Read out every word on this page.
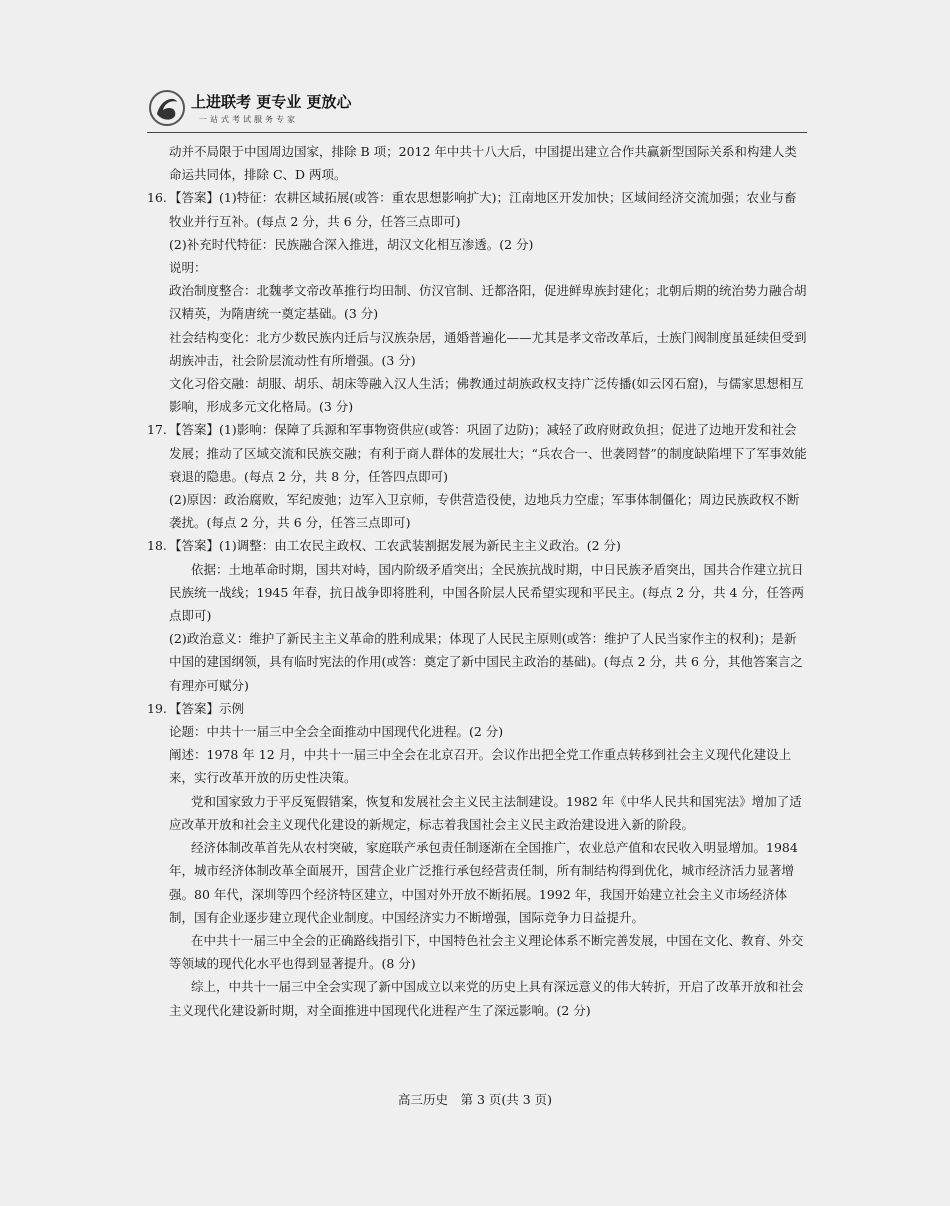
上进联考 更专业 更放心
一站式考试服务专家

动并不局限于中国周边国家，排除 B 项；2012 年中共十八大后，中国提出建立合作共赢新型国际关系和构建人类命运共同体，排除 C、D 两项。

16. 【答案】(1)特征：农耕区域拓展(或答：重农思想影响扩大)；江南地区开发加快；区域间经济交流加强；农业与畜牧业并行互补。(每点 2 分，共 6 分，任答三点即可)

(2)补充时代特征：民族融合深入推进，胡汉文化相互渗透。(2 分)

说明：

政治制度整合：北魏孝文帝改革推行均田制、仿汉官制、迁都洛阳，促进鲜卑族封建化；北朝后期的统治势力融合胡汉精英，为隋唐统一奠定基础。(3 分)

社会结构变化：北方少数民族内迁后与汉族杂居，通婚普遍化——尤其是孝文帝改革后，士族门阀制度虽延续但受到胡族冲击，社会阶层流动性有所增强。(3 分)

文化习俗交融：胡服、胡乐、胡床等融入汉人生活；佛教通过胡族政权支持广泛传播(如云冈石窟)，与儒家思想相互影响，形成多元文化格局。(3 分)

17. 【答案】(1)影响：保障了兵源和军事物资供应(或答：巩固了边防)；减轻了政府财政负担；促进了边地开发和社会发展；推动了区域交流和民族交融；有利于商人群体的发展壮大；“兵农合一、世袭罔替”的制度缺陷埋下了军事效能衰退的隐患。(每点 2 分，共 8 分，任答四点即可)

(2)原因：政治腐败，军纪废弛；边军入卫京师，专供营造役使，边地兵力空虚；军事体制僵化；周边民族政权不断袭扰。(每点 2 分，共 6 分，任答三点即可)

18. 【答案】(1)调整：由工农民主政权、工农武装割据发展为新民主主义政治。(2 分)

依据：土地革命时期，国共对峙，国内阶级矛盾突出；全民族抗战时期，中日民族矛盾突出，国共合作建立抗日民族统一战线；1945 年春，抗日战争即将胜利，中国各阶层人民希望实现和平民主。(每点 2 分，共 4 分，任答两点即可)

(2)政治意义：维护了新民主主义革命的胜利成果；体现了人民民主原则(或答：维护了人民当家作主的权利)；是新中国的建国纲领，具有临时宪法的作用(或答：奠定了新中国民主政治的基础)。(每点 2 分，共 6 分，其他答案言之有理亦可赋分)

19. 【答案】示例

论题：中共十一届三中全会全面推动中国现代化进程。(2 分)

阐述：1978 年 12 月，中共十一届三中全会在北京召开。会议作出把全党工作重点转移到社会主义现代化建设上来，实行改革开放的历史性决策。

党和国家致力于平反冤假错案，恢复和发展社会主义民主法制建设。1982 年《中华人民共和国宪法》增加了适应改革开放和社会主义现代化建设的新规定，标志着我国社会主义民主政治建设进入新的阶段。

经济体制改革首先从农村突破，家庭联产承包责任制逐渐在全国推广，农业总产值和农民收入明显增加。1984 年，城市经济体制改革全面展开，国营企业广泛推行承包经营责任制，所有制结构得到优化，城市经济活力显著增强。80 年代，深圳等四个经济特区建立，中国对外开放不断拓展。1992 年，我国开始建立社会主义市场经济体制，国有企业逐步建立现代企业制度。中国经济实力不断增强，国际竞争力日益提升。

在中共十一届三中全会的正确路线指引下，中国特色社会主义理论体系不断完善发展，中国在文化、教育、外交等领域的现代化水平也得到显著提升。(8 分)

综上，中共十一届三中全会实现了新中国成立以来党的历史上具有深远意义的伟大转折，开启了改革开放和社会主义现代化建设新时期，对全面推进中国现代化进程产生了深远影响。(2 分)

高三历史　第 3 页(共 3 页)
